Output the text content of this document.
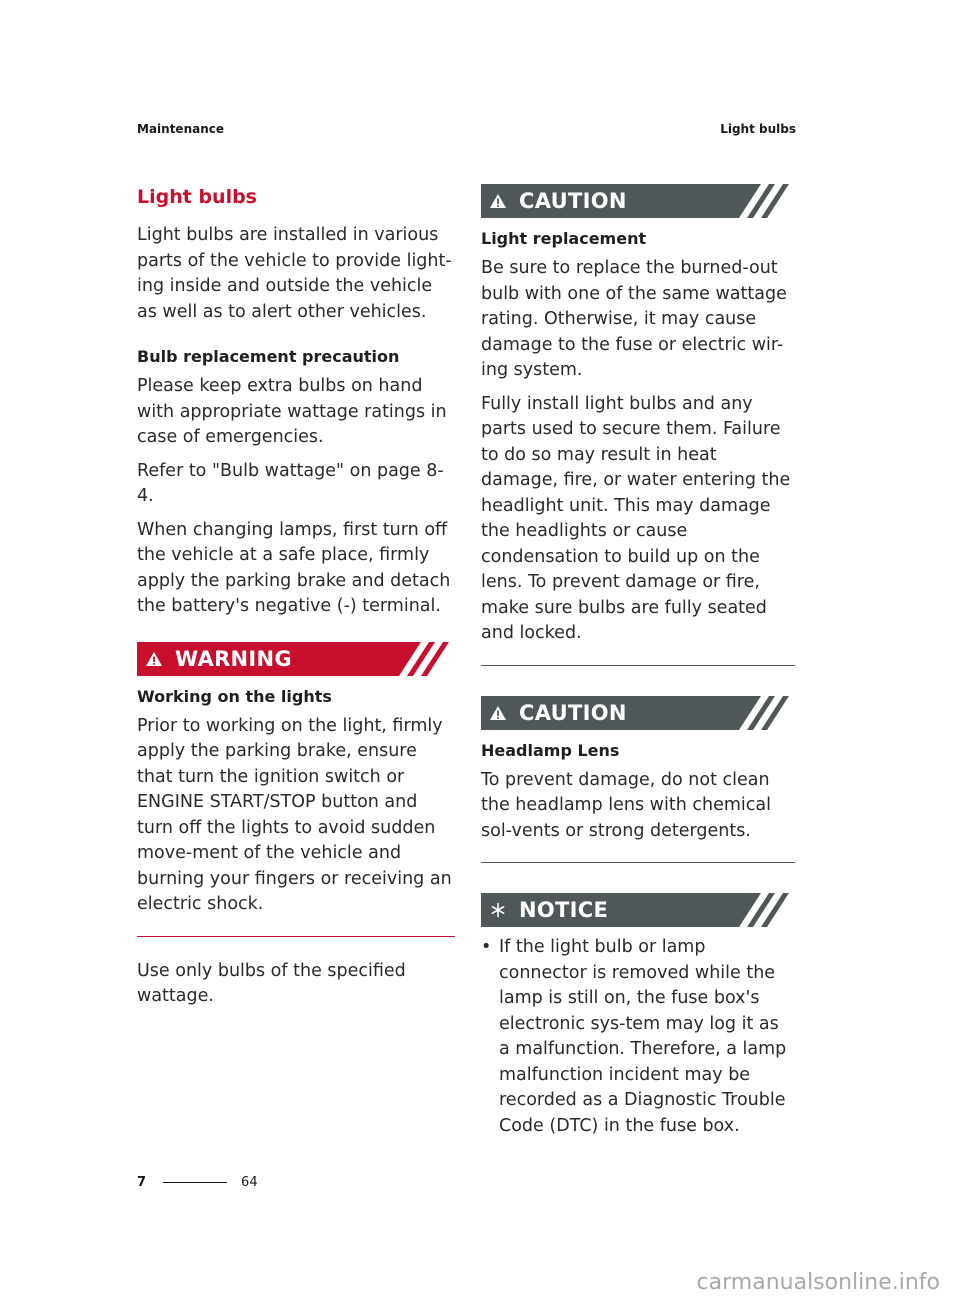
Maintenance	Light bulbs
Light bulbs

Light bulbs are installed in various parts of the vehicle to provide light-ing inside and outside the vehicle as well as to alert other vehicles.

Bulb replacement precaution

Please keep extra bulbs on hand with appropriate wattage ratings in case of emergencies.

Refer to "Bulb wattage" on page 8-4.

When changing lamps, first turn off the vehicle at a safe place, firmly apply the parking brake and detach the battery's negative (-) terminal.

WARNING
Working on the lights

Prior to working on the light, firmly apply the parking brake, ensure that turn the ignition switch or ENGINE START/STOP button and turn off the lights to avoid sudden move-ment of the vehicle and burning your fingers or receiving an electric shock.

Use only bulbs of the specified wattage.

CAUTION
Light replacement

Be sure to replace the burned-out bulb with one of the same wattage rating. Otherwise, it may cause damage to the fuse or electric wir-ing system.

Fully install light bulbs and any parts used to secure them. Failure to do so may result in heat damage, fire, or water entering the headlight unit. This may damage the headlights or cause condensation to build up on the lens. To prevent damage or fire, make sure bulbs are fully seated and locked.

CAUTION
Headlamp Lens

To prevent damage, do not clean the headlamp lens with chemical sol-vents or strong detergents.

NOTICE

• If the light bulb or lamp connector is removed while the lamp is still on, the fuse box's electronic sys-tem may log it as a malfunction. Therefore, a lamp malfunction incident may be recorded as a Diagnostic Trouble Code (DTC) in the fuse box.

7	64
carmanualsonline.info
